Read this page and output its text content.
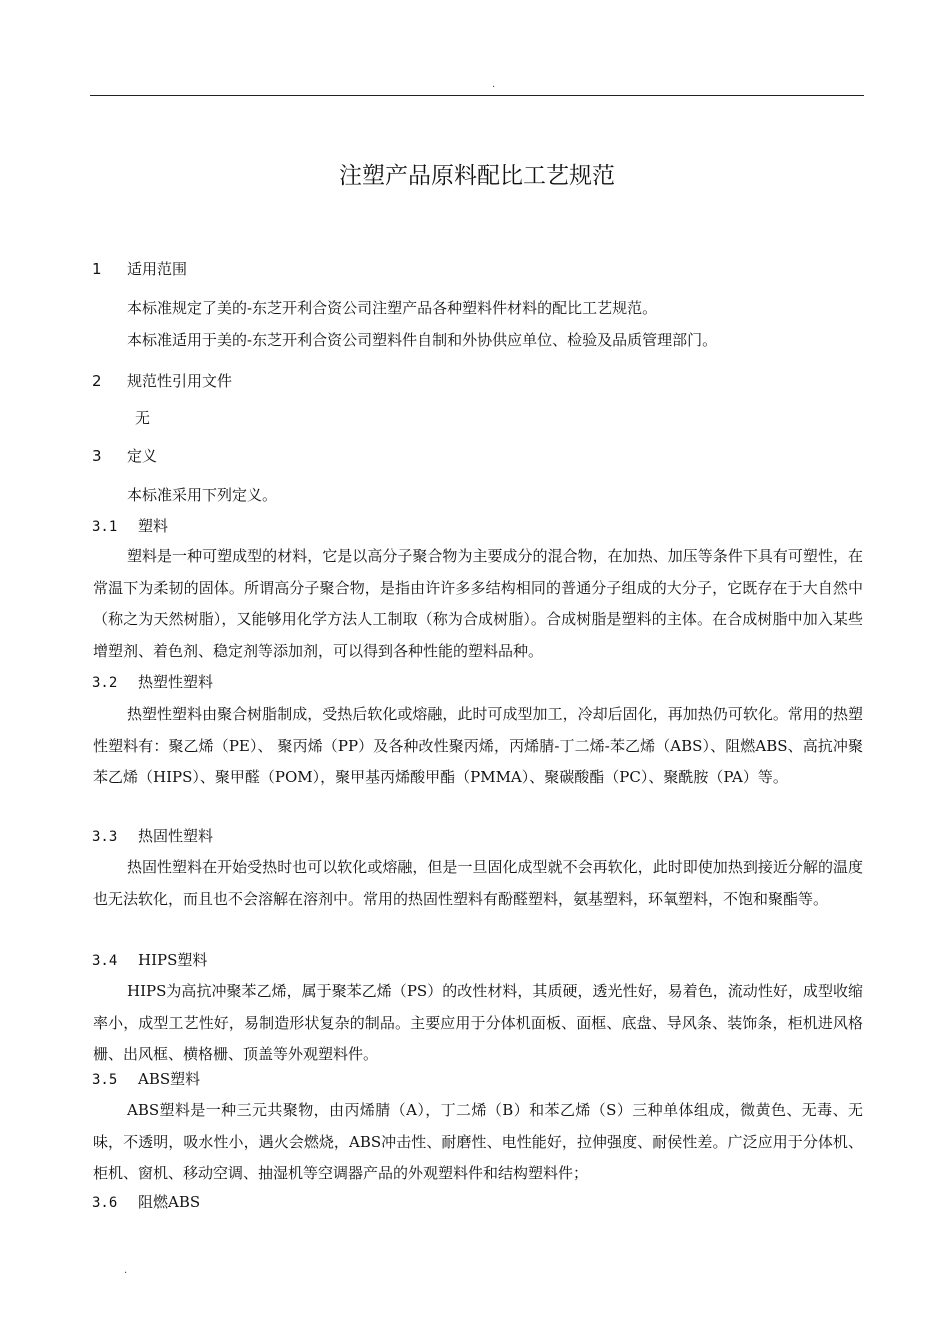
.
注塑产品原料配比工艺规范
1 适用范围
本标准规定了美的-东芝开利合资公司注塑产品各种塑料件材料的配比工艺规范。
本标准适用于美的-东芝开利合资公司塑料件自制和外协供应单位、检验及品质管理部门。
2 规范性引用文件
无
3 定义
本标准采用下列定义。
3.1 塑料
塑料是一种可塑成型的材料，它是以高分子聚合物为主要成分的混合物，在加热、加压等条件下具有可塑性，在常温下为柔韧的固体。所谓高分子聚合物，是指由许许多多结构相同的普通分子组成的大分子，它既存在于大自然中（称之为天然树脂），又能够用化学方法人工制取（称为合成树脂）。合成树脂是塑料的主体。在合成树脂中加入某些增塑剂、着色剂、稳定剂等添加剂，可以得到各种性能的塑料品种。
3.2 热塑性塑料
热塑性塑料由聚合树脂制成，受热后软化或熔融，此时可成型加工，冷却后固化，再加热仍可软化。常用的热塑性塑料有：聚乙烯（PE）、 聚丙烯（PP）及各种改性聚丙烯，丙烯腈-丁二烯-苯乙烯（ABS）、阻燃ABS、高抗冲聚苯乙烯（HIPS）、聚甲醛（POM），聚甲基丙烯酸甲酯（PMMA）、聚碳酸酯（PC）、聚酰胺（PA）等。
3.3 热固性塑料
热固性塑料在开始受热时也可以软化或熔融，但是一旦固化成型就不会再软化，此时即使加热到接近分解的温度也无法软化，而且也不会溶解在溶剂中。常用的热固性塑料有酚醛塑料，氨基塑料，环氧塑料，不饱和聚酯等。
3.4 HIPS塑料
HIPS为高抗冲聚苯乙烯，属于聚苯乙烯（PS）的改性材料，其质硬，透光性好，易着色，流动性好，成型收缩率小，成型工艺性好，易制造形状复杂的制品。主要应用于分体机面板、面框、底盘、导风条、装饰条，柜机进风格栅、出风框、横格栅、顶盖等外观塑料件。
3.5 ABS塑料
ABS塑料是一种三元共聚物，由丙烯腈（A），丁二烯（B）和苯乙烯（S）三种单体组成，微黄色、无毒、无味，不透明，吸水性小，遇火会燃烧，ABS冲击性、耐磨性、电性能好，拉伸强度、耐侯性差。广泛应用于分体机、柜机、窗机、移动空调、抽湿机等空调器产品的外观塑料件和结构塑料件；
3.6 阻燃ABS
.
